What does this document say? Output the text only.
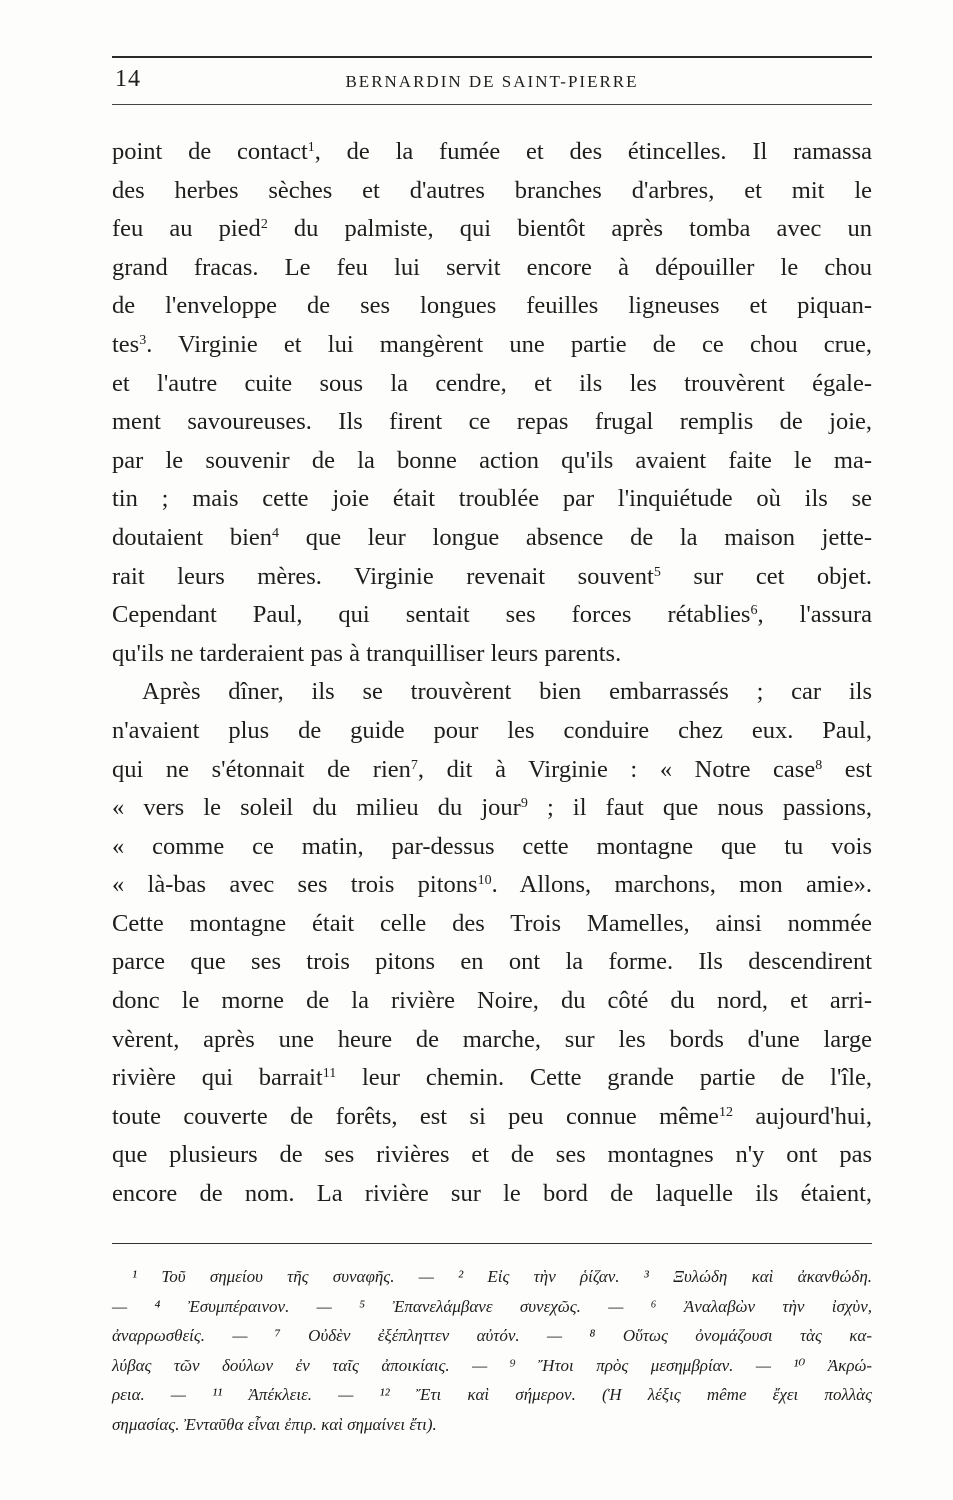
14	BERNARDIN DE SAINT-PIERRE
point de contact$^1$, de la fumée et des étincelles. Il ramassa
des herbes sèches et d'autres branches d'arbres, et mit le
feu au pied$^2$ du palmiste, qui bientôt après tomba avec un
grand fracas. Le feu lui servit encore à dépouiller le chou
de l'enveloppe de ses longues feuilles ligneuses et piquan-
tes$^3$. Virginie et lui mangèrent une partie de ce chou crue,
et l'autre cuite sous la cendre, et ils les trouvèrent égale-
ment savoureuses. Ils firent ce repas frugal remplis de joie,
par le souvenir de la bonne action qu'ils avaient faite le ma-
tin ; mais cette joie était troublée par l'inquiétude où ils se
doutaient bien$^4$ que leur longue absence de la maison jette-
rait leurs mères. Virginie revenait souvent$^5$ sur cet objet.
Cependant Paul, qui sentait ses forces rétablies$^6$, l'assura
qu'ils ne tarderaient pas à tranquilliser leurs parents.
Après dîner, ils se trouvèrent bien embarrassés ; car ils
n'avaient plus de guide pour les conduire chez eux. Paul,
qui ne s'étonnait de rien$^7$, dit à Virginie : « Notre case$^8$ est
« vers le soleil du milieu du jour$^9$ ; il faut que nous passions,
« comme ce matin, par-dessus cette montagne que tu vois
« là-bas avec ses trois pitons$^{10}$. Allons, marchons, mon amie».
Cette montagne était celle des Trois Mamelles, ainsi nommée
parce que ses trois pitons en ont la forme. Ils descendirent
donc le morne de la rivière Noire, du côté du nord, et arri-
vèrent, après une heure de marche, sur les bords d'une large
rivière qui barrait$^{11}$ leur chemin. Cette grande partie de l'île,
toute couverte de forêts, est si peu connue même$^{12}$ aujourd'hui,
que plusieurs de ses rivières et de ses montagnes n'y ont pas
encore de nom. La rivière sur le bord de laquelle ils étaient,
¹ Τοῦ σημείου τῆς συναφῆς. — ² Εἰς τὴν ῥίζαν. ³ Ξυλώδη καὶ ἀκανθώδη.
— ⁴ Ἐσυμπέραινον. — ⁵ Ἐπανελάμβανε συνεχῶς. — ⁶ Ἀναλαβὼν τὴν ἰσχὺν,
ἀναρρωσθείς. — ⁷ Οὐδὲν ἐξέπληττεν αὐτόν. — ⁸ Οὕτως ὀνομάζουσι τὰς κα-
λύβας τῶν δούλων ἐν ταῖς ἀποικίαις. — ⁹ Ἤτοι πρὸς μεσημβρίαν. — ¹⁰ Ἀκρώ-
ρεια. — ¹¹ Ἀπέκλειε. — ¹² Ἔτι καὶ σήμερον. (Ἡ λέξις même ἔχει πολλὰς
σημασίας. Ἐνταῦθα εἶναι ἐπιρ. καὶ σημαίνει ἔτι).
